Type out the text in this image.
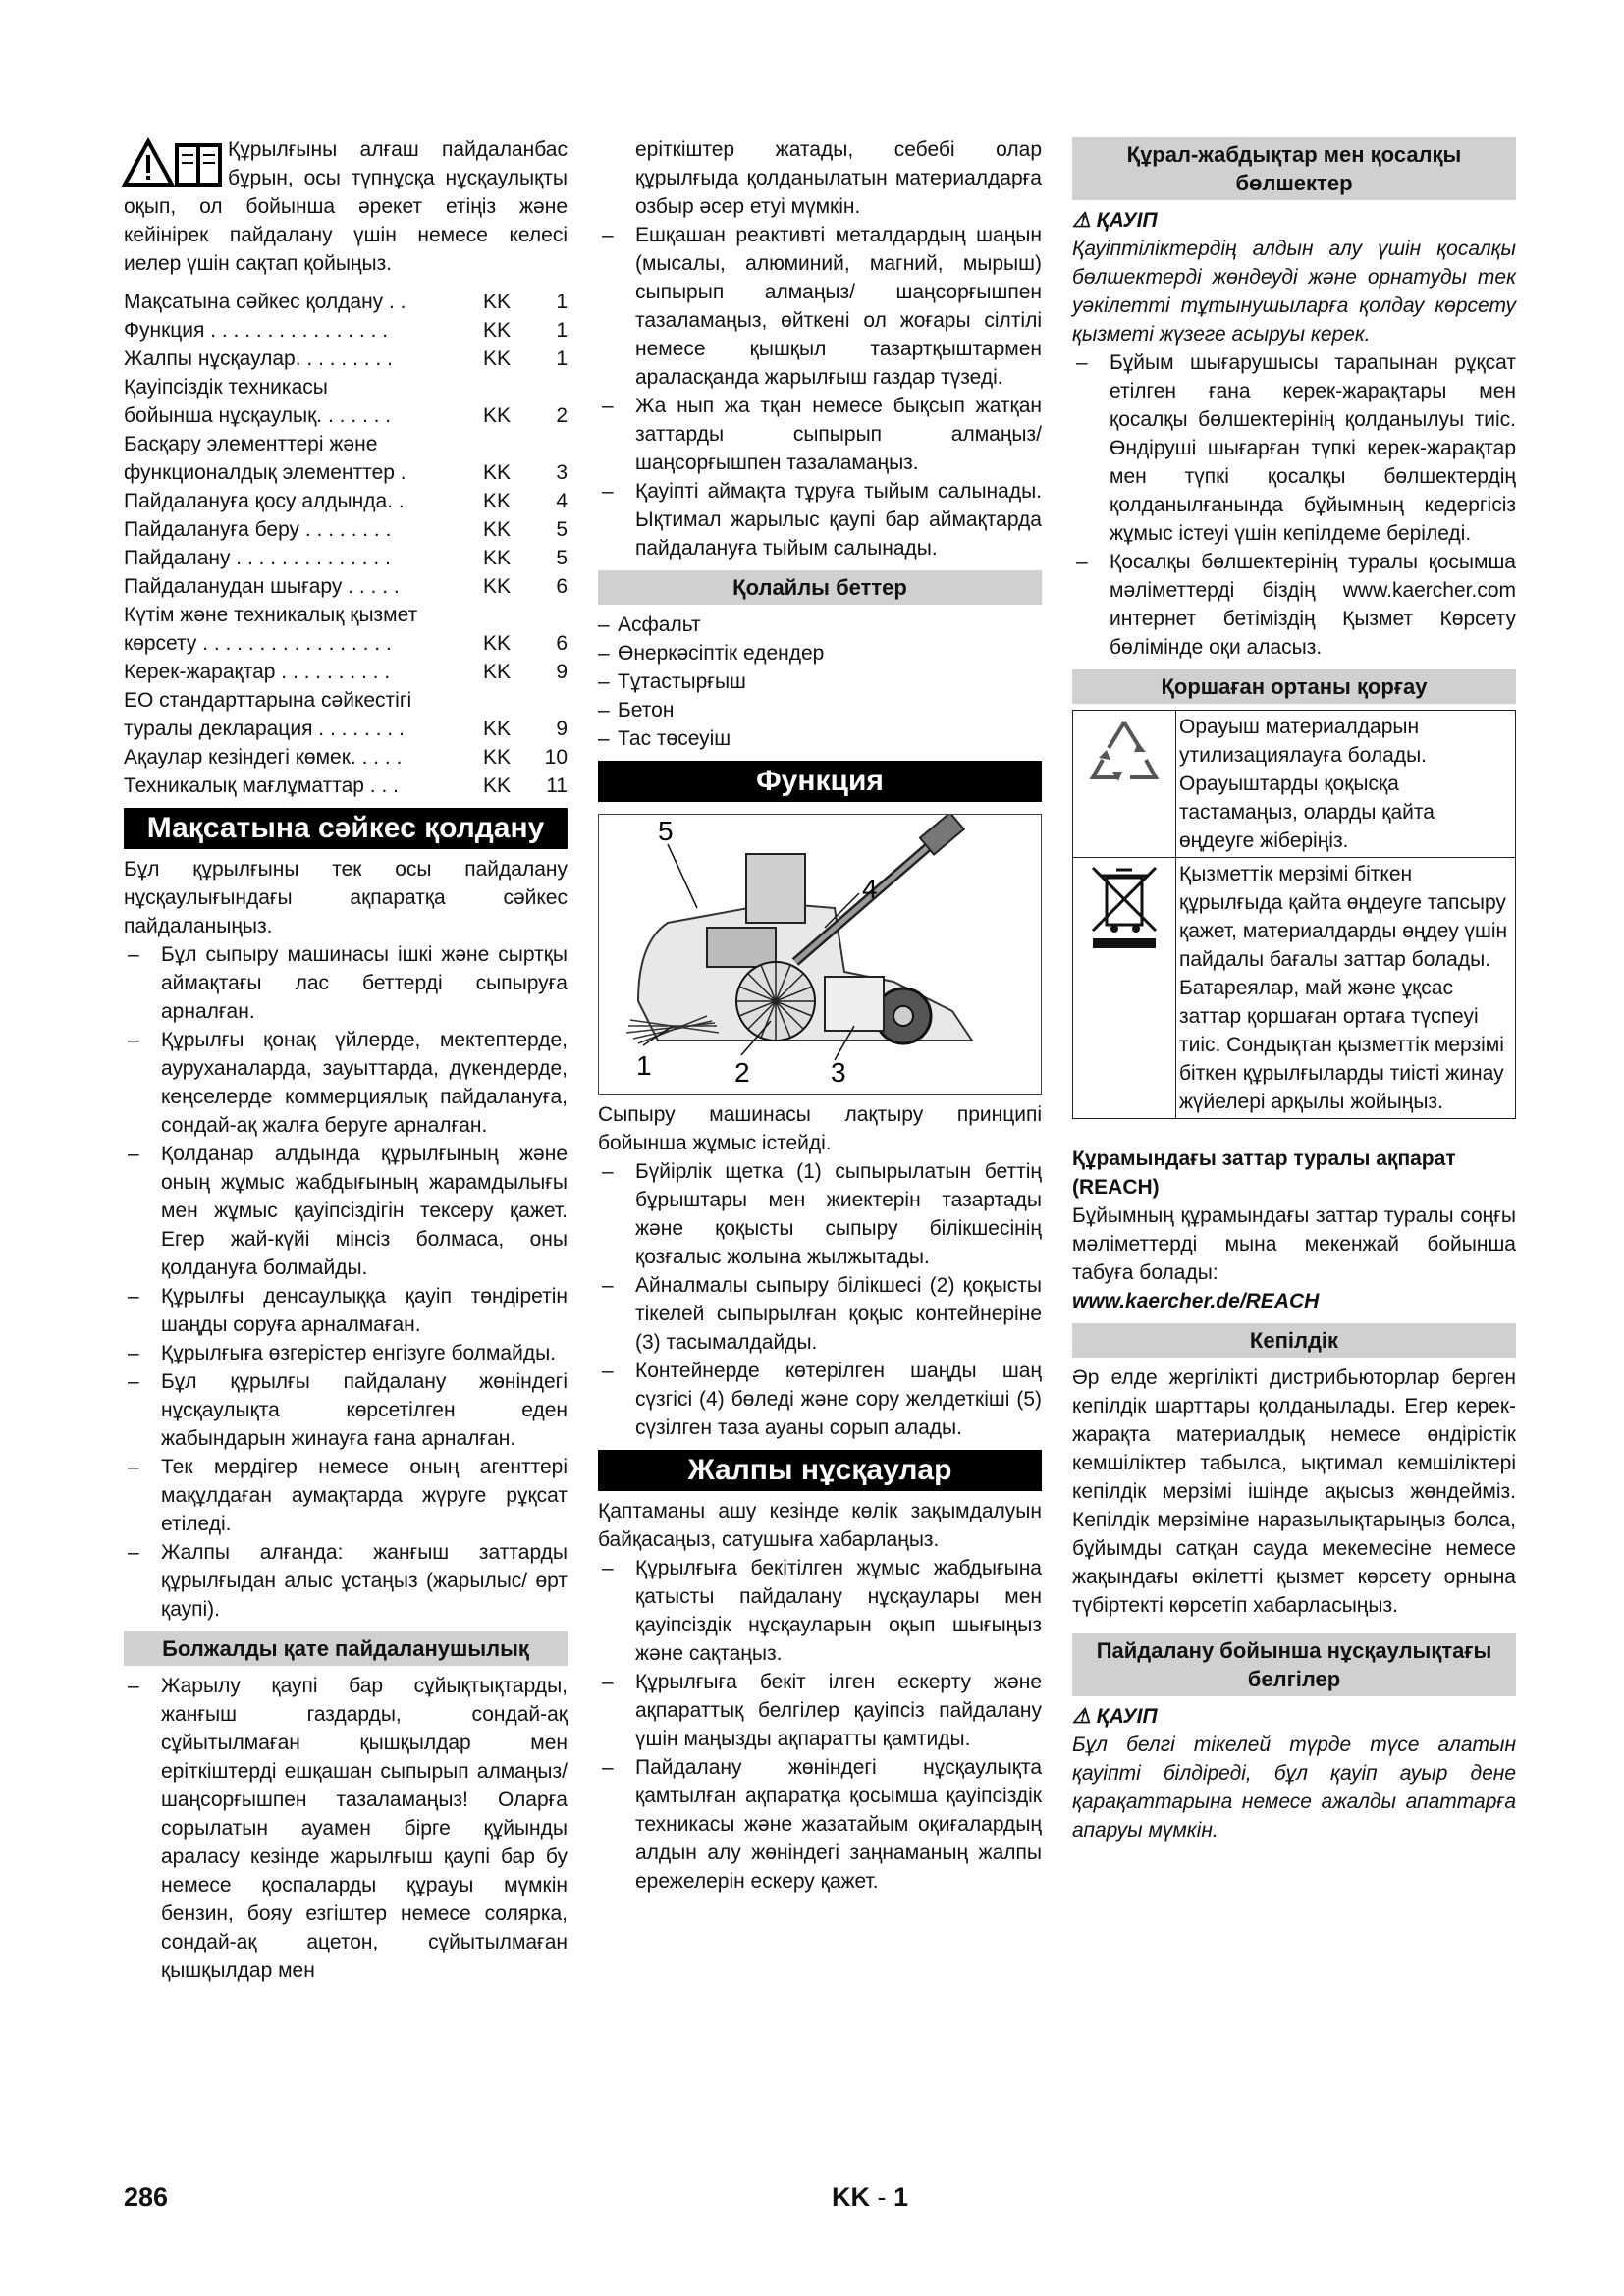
Құрылғыны алғаш пайдаланбас бұрын, осы түпнұсқа нұсқаулықты оқып, ол бойынша әрекет етіңіз және кейінірек пайдалану үшін немесе келесі иелер үшін сақтап қойыңыз.

Мақсатына сәйкес қолдану . .	KK	1
Функция . . . . . . . . . . . . . . . .	KK	1
Жалпы нұсқаулар. . . . . . . . .	KK	1
Қауіпсіздік техникасы
бойынша нұсқаулық. . . . . . .	KK	2
Басқару элементтері және
функционалдық элементтер .	KK	3
Пайдалануға қосу алдында. .	KK	4
Пайдалануға беру . . . . . . . .	KK	5
Пайдалану . . . . . . . . . . . . . .	KK	5
Пайдаланудан шығару . . . . .	KK	6
Күтім және техникалық қызмет
көрсету . . . . . . . . . . . . . . . . .	KK	6
Керек-жарақтар . . . . . . . . . .	KK	9
ЕО стандарттарына сәйкестігі
туралы декларация . . . . . . . .	KK	9
Ақаулар кезіндегі көмек. . . . .	KK	10
Техникалық мағлұматтар . . .	KK	11
Мақсатына сәйкес қолдану

Бұл құрылғыны тек осы пайдалану нұсқаулығындағы ақпаратқа сәйкес пайдаланыңыз.

– Бұл сыпыру машинасы ішкі және сыртқы аймақтағы лас беттерді сыпыруға арналған.
– Құрылғы қонақ үйлерде, мектептерде, ауруханаларда, зауыттарда, дүкендерде, кеңселерде коммерциялық пайдалануға, сондай-ақ жалға беруге арналған.
– Қолданар алдында құрылғының және оның жұмыс жабдығының жарамдылығы мен жұмыс қауіпсіздігін тексеру қажет. Егер жай-күйі мінсіз болмаса, оны қолдануға болмайды.
– Құрылғы денсаулыққа қауіп төндіретін шаңды соруға арналмаған.
– Құрылғыға өзгерістер енгізуге болмайды.
– Бұл құрылғы пайдалану жөніндегі нұсқаулықта көрсетілген еден жабындарын жинауға ғана арналған.
– Тек мердігер немесе оның агенттері мақұлдаған аумақтарда жүруге рұқсат етіледі.
– Жалпы алғанда: жанғыш заттарды құрылғыдан алыс ұстаңыз (жарылыс/ өрт қаупі).
Болжалды қате пайдаланушылық
– Жарылу қаупі бар сұйықтықтарды, жанғыш газдарды, сондай-ақ сұйытылмаған қышқылдар мен еріткіштерді ешқашан сыпырып алмаңыз/шаңсорғышпен тазаламаңыз! Оларға сорылатын ауамен бірге құйынды араласу кезінде жарылғыш қаупі бар бу немесе қоспаларды құрауы мүмкін бензин, бояу езгіштер немесе солярка, сондай-ақ ацетон, сұйытылмаған қышқылдар мен

еріткіштер жатады, себебі олар құрылғыда қолданылатын материалдарға озбыр әсер етуі мүмкін.

– Ешқашан реактивті металдардың шаңын (мысалы, алюминий, магний, мырыш) сыпырып алмаңыз/ шаңсорғышпен тазаламаңыз, өйткені ол жоғары сілтілі немесе қышқыл тазартқыштармен араласқанда жарылғыш газдар түзеді.
– Жа нып жа тқан немесе бықсып жатқан заттарды сыпырып алмаңыз/ шаңсорғышпен тазаламаңыз.
– Қауіпті аймақта тұруға тыйым салынады. Ықтимал жарылыс қаупі бар аймақтарда пайдалануға тыйым салынады.
Қолайлы беттер
– Асфальт
– Өнеркәсіптік едендер
– Тұтастырғыш
– Бетон
– Тас төсеуіш
Функция
1	2	3
4
5

Сыпыру машинасы лақтыру принципі бойынша жұмыс істейді.

– Бүйірлік щетка (1) сыпырылатын беттің бұрыштары мен жиектерін тазартады және қоқысты сыпыру білікшесінің қозғалыс жолына жылжытады.
– Айналмалы сыпыру білікшесі (2) қоқысты тікелей сыпырылған қоқыс контейнеріне (3) тасымалдайды.
– Контейнерде көтерілген шаңды шаң сүзгісі (4) бөледі және сору желдеткіші (5) сүзілген таза ауаны сорып алады.
Жалпы нұсқаулар

Қаптаманы ашу кезінде көлік зақымдалуын байқасаңыз, сатушыға хабарлаңыз.

– Құрылғыға бекітілген жұмыс жабдығына қатысты пайдалану нұсқаулары мен қауіпсіздік нұсқауларын оқып шығыңыз және сақтаңыз.
– Құрылғыға бекіт ілген ескерту және ақпараттық белгілер қауіпсіз пайдалану үшін маңызды ақпаратты қамтиды.
– Пайдалану жөніндегі нұсқаулықта қамтылған ақпаратқа қосымша қауіпсіздік техникасы және жазатайым оқиғалардың алдын алу жөніндегі заңнаманың жалпы ережелерін ескеру қажет.
Құрал-жабдықтар мен қосалқы бөлшектер
⚠ ҚАУІП

Қауіптіліктердің алдын алу үшін қосалқы бөлшектерді жөндеуді және орнатуды тек уәкілетті тұтынушыларға қолдау көрсету қызметі жүзеге асыруы керек.

– Бұйым шығарушысы тарапынан рұқсат етілген ғана керек-жарақтары мен қосалқы бөлшектерінің қолданылуы тиіс. Өндіруші шығарған түпкі керек-жарақтар мен түпкі қосалқы бөлшектердің қолданылғанында бұйымның кедергісіз жұмыс істеуі үшін кепілдеме беріледі.
– Қосалқы бөлшектерінің туралы қосымша мәліметтерді біздің www.kaercher.com интернет бетіміздің Қызмет Көрсету бөлімінде оқи аласыз.
Қоршаған ортаны қорғау
	Орауыш материалдарын утилизациялауға болады. Орауыштарды қоқысқа тастамаңыз, оларды қайта өңдеуге жіберіңіз.
	Қызметтік мерзімі біткен құрылғыда қайта өңдеуге тапсыру қажет, материалдарды өңдеу үшін пайдалы бағалы заттар болады. Батареялар, май және ұқсас заттар қоршаған ортаға түспеуі тиіс. Сондықтан қызметтік мерзімі біткен құрылғыларды тиісті жинау жүйелері арқылы жойыңыз.
Құрамындағы заттар туралы ақпарат (REACH)

Бұйымның құрамындағы заттар туралы соңғы мәліметтерді мына мекенжай бойынша табуға болады:

www.kaercher.de/REACH
Кепілдік

Әр елде жергілікті дистрибьюторлар берген кепілдік шарттары қолданылады. Егер керек-жарақта материалдық немесе өндірістік кемшіліктер табылса, ықтимал кемшіліктері кепілдік мерзімі ішінде ақысыз жөндейміз. Кепілдік мерзіміне наразылықтарыңыз болса, бұйымды сатқан сауда мекемесіне немесе жақындағы өкілетті қызмет көрсету орнына түбіртекті көрсетіп хабарласыңыз.

Пайдалану бойынша нұсқаулықтағы белгілер
⚠ ҚАУІП

Бұл белгі тікелей түрде түсе алатын қауіпті білдіреді, бұл қауіп ауыр дене қарақаттарына немесе ажалды апаттарға апаруы мүмкін.

286	KK - 1
